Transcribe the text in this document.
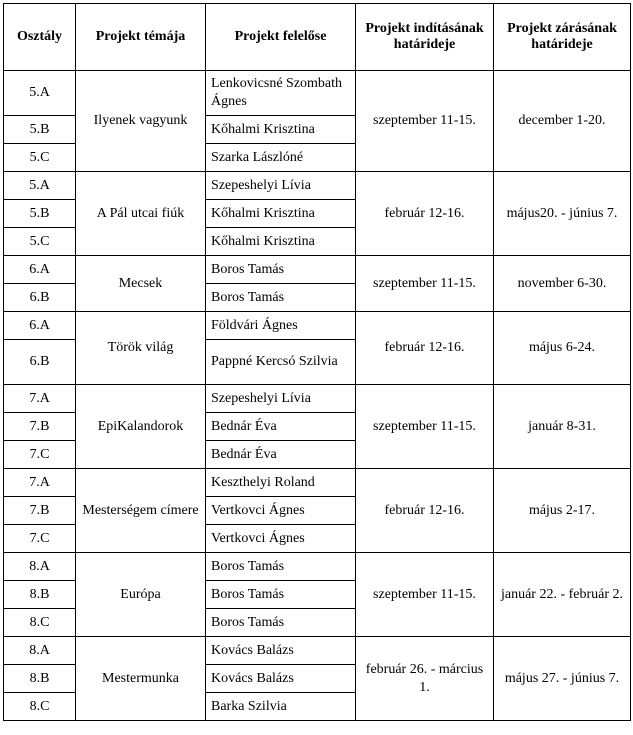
Osztály	Projekt témája	Projekt felelőse	Projekt indításának határideje	Projekt zárásának határideje
5.A	Ilyenek vagyunk	Lenkovicsné Szombath Ágnes	szeptember 11-15.	december 1-20.
5.B		Kőhalmi Krisztina		
5.C		Szarka Lászlóné		
5.A	A Pál utcai fiúk	Szepeshelyi Lívia	február 12-16.	május20. - június 7.
5.B		Kőhalmi Krisztina		
5.C		Kőhalmi Krisztina		
6.A	Mecsek	Boros Tamás	szeptember 11-15.	november 6-30.
6.B		Boros Tamás		
6.A	Török világ	Földvári Ágnes	február 12-16.	május 6-24.
6.B		Pappné Kercsó Szilvia		
7.A	EpiKalandorok	Szepeshelyi Lívia	szeptember 11-15.	január 8-31.
7.B		Bednár Éva		
7.C		Bednár Éva		
7.A	Mesterségem címere	Keszthelyi Roland	február 12-16.	május 2-17.
7.B		Vertkovci Ágnes		
7.C		Vertkovci Ágnes		
8.A	Európa	Boros Tamás	szeptember 11-15.	január 22. - február 2.
8.B		Boros Tamás		
8.C		Boros Tamás		
8.A	Mestermunka	Kovács Balázs	február 26. - március 1.	május 27. - június 7.
8.B		Kovács Balázs		
8.C		Barka Szilvia		
